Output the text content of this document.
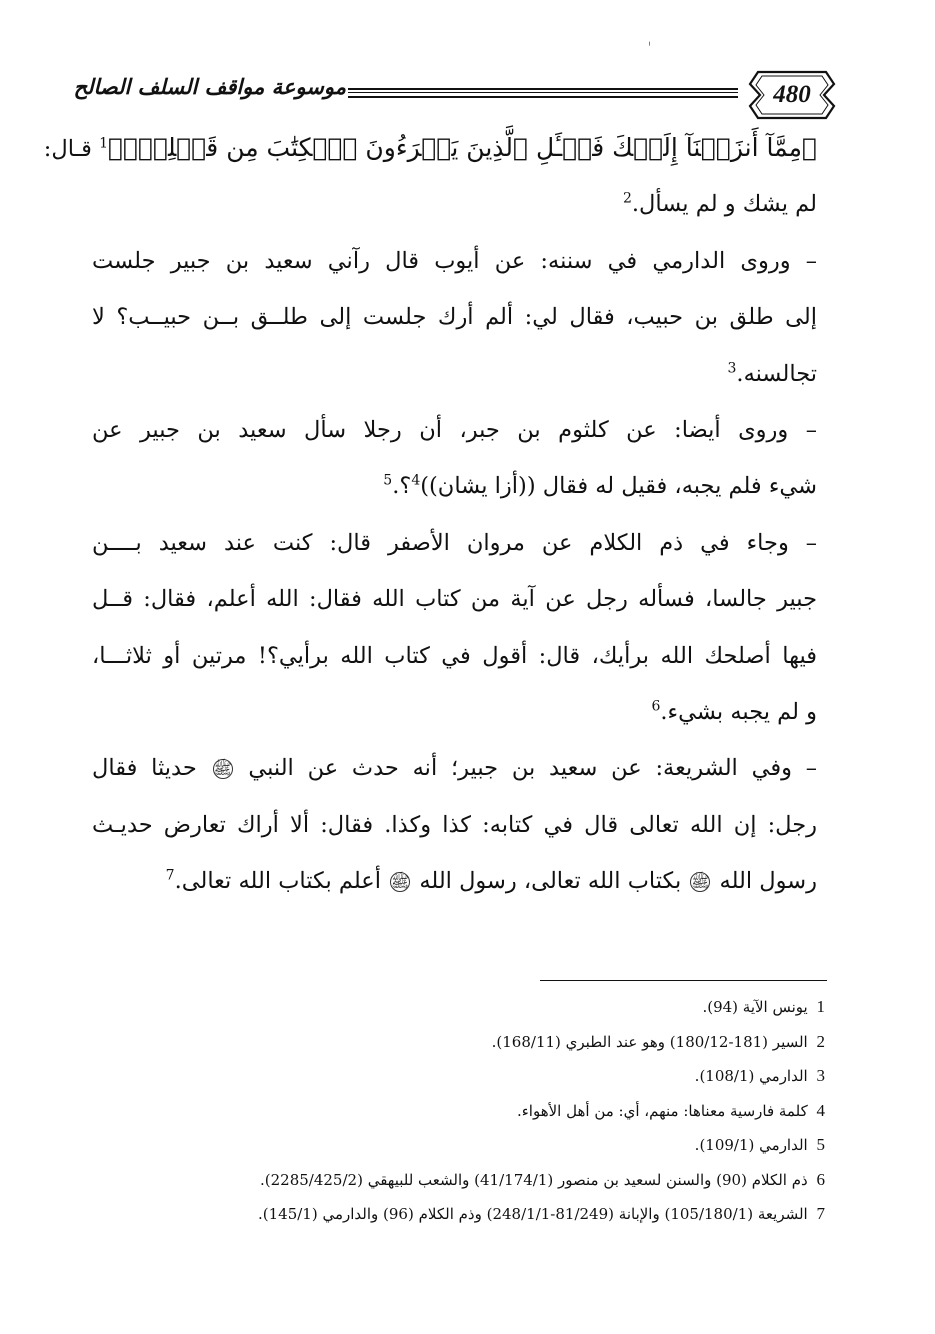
موسوعة مواقف السلف الصالح	480
﴿مِمَّآ أَنزَلۡنَآ إِلَيۡكَ فَسۡـَٔلِ ٱلَّذِينَ يَقۡرَءُونَ ٱلۡكِتَٰبَ مِن قَبۡلِكَۚ﴾$^1$ قـال:
لم يشك و لم يسأل.$^2$
– وروى الدارمي في سننه: عن أيوب قال رآني سعيد بن جبير جلست
إلى طلق بن حبيب، فقال لي: ألم أرك جلست إلى طلــق بــن حبيــب؟ لا
تجالسنه.$^3$
– وروى أيضا: عن كلثوم بن جبر، أن رجلا سأل سعيد بن جبير عن
شيء فلم يجبه، فقيل له فقال ((أزا يشان))$^4$؟.$^5$
– وجاء في ذم الكلام عن مروان الأصفر قال: كنت عند سعيد بــــن
جبير جالسا، فسأله رجل عن آية من كتاب الله فقال: الله أعلم، فقال: قــل
فيها أصلحك الله برأيك، قال: أقول في كتاب الله برأيي؟! مرتين أو ثلاثـــا،
و لم يجبه بشيء.$^6$
– وفي الشريعة: عن سعيد بن جبير؛ أنه حدث عن النبي ﷺ حديثا فقال
رجل: إن الله تعالى قال في كتابه: كذا وكذا. فقال: ألا أراك تعارض حديـث
رسول الله ﷺ بكتاب الله تعالى، رسول الله ﷺ أعلم بكتاب الله تعالى.$^7$
1 يونس الآية (94).
2 السير (181-180/12) وهو عند الطبري (168/11).
3 الدارمي (108/1).
4 كلمة فارسية معناها: منهم، أي: من أهل الأهواء.
5 الدارمي (109/1).
6 ذم الكلام (90) والسنن لسعيد بن منصور (41/174/1) والشعب للبيهقي (2285/425/2).
7 الشريعة (105/180/1) والإبانة (81/249-248/1/1) وذم الكلام (96) والدارمي (145/1).
